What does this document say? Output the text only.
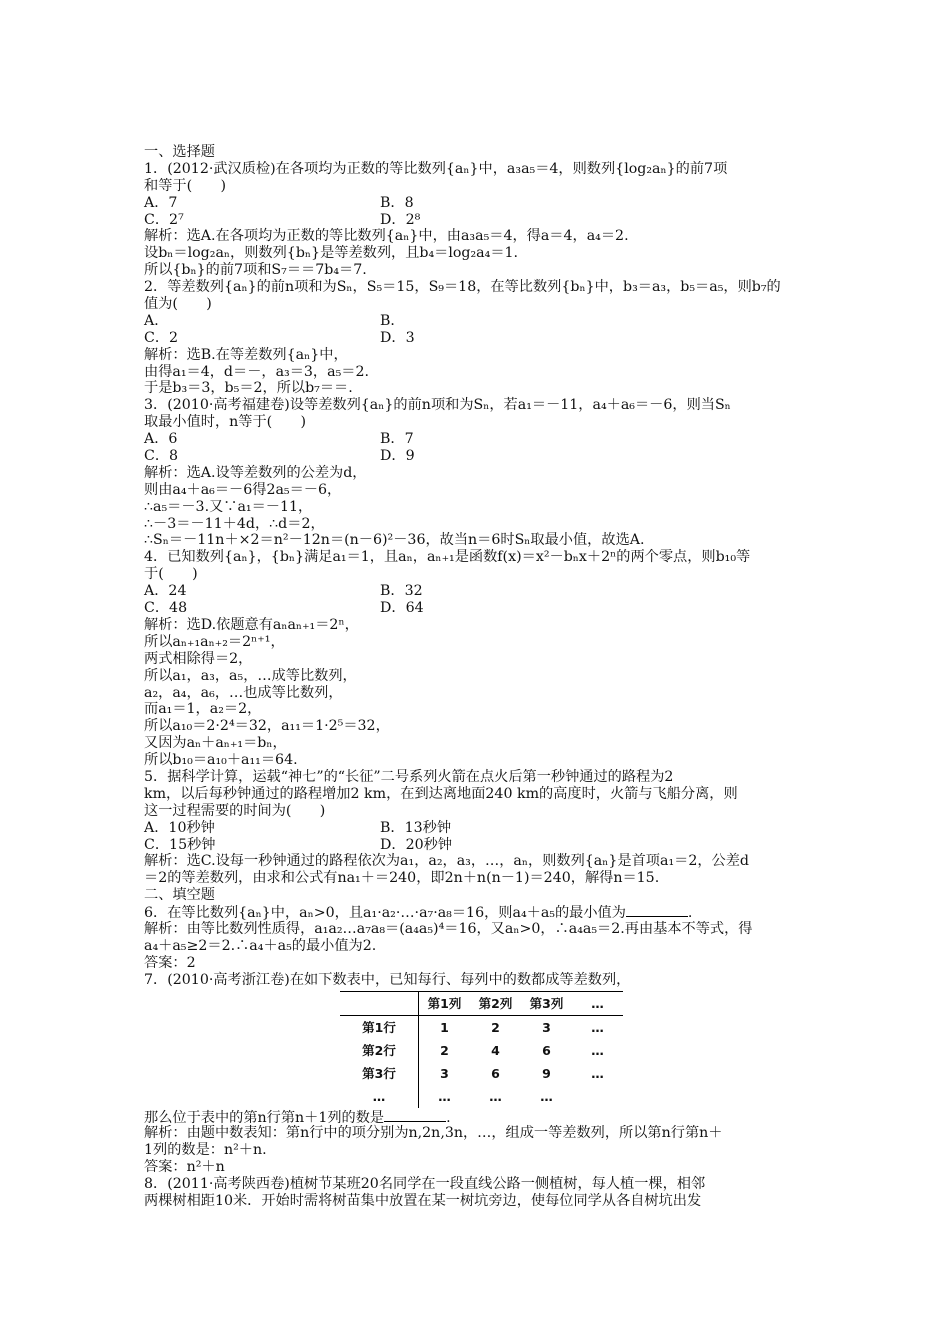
一、选择题
1．(2012·武汉质检)在各项均为正数的等比数列{aₙ}中，a₃a₅＝4，则数列{log₂aₙ}的前7项
和等于(　　)
A．7	B．8
C．2⁷	D．2⁸
解析：选A.在各项均为正数的等比数列{aₙ}中，由a₃a₅＝4，得a＝4，a₄＝2.
设bₙ＝log₂aₙ，则数列{bₙ}是等差数列，且b₄＝log₂a₄＝1.
所以{bₙ}的前7项和S₇＝＝7b₄＝7.
2．等差数列{aₙ}的前n项和为Sₙ，S₅＝15，S₉＝18，在等比数列{bₙ}中，b₃＝a₃，b₅＝a₅，则b₇的
值为(　　)
A．	B．
C．2	D．3
解析：选B.在等差数列{aₙ}中，
由得a₁＝4，d＝－，a₃＝3，a₅＝2.
于是b₃＝3，b₅＝2，所以b₇＝＝.
3．(2010·高考福建卷)设等差数列{aₙ}的前n项和为Sₙ，若a₁＝－11，a₄＋a₆＝－6，则当Sₙ
取最小值时，n等于(　　)
A．6	B．7
C．8	D．9
解析：选A.设等差数列的公差为d，
则由a₄＋a₆＝－6得2a₅＝－6，
∴a₅＝－3.又∵a₁＝－11，
∴－3＝－11＋4d，∴d＝2，
∴Sₙ＝－11n＋×2＝n²－12n＝(n－6)²－36，故当n＝6时Sₙ取最小值，故选A.
4．已知数列{aₙ}，{bₙ}满足a₁＝1，且aₙ，aₙ₊₁是函数f(x)＝x²－bₙx＋2ⁿ的两个零点，则b₁₀等
于(　　)
A．24	B．32
C．48	D．64
解析：选D.依题意有aₙaₙ₊₁＝2ⁿ，
所以aₙ₊₁aₙ₊₂＝2ⁿ⁺¹，
两式相除得＝2，
所以a₁，a₃，a₅，…成等比数列，
a₂，a₄，a₆，…也成等比数列，
而a₁＝1，a₂＝2，
所以a₁₀＝2·2⁴＝32，a₁₁＝1·2⁵＝32，
又因为aₙ＋aₙ₊₁＝bₙ，
所以b₁₀＝a₁₀＋a₁₁＝64.
5．据科学计算，运载“神七”的“长征”二号系列火箭在点火后第一秒钟通过的路程为2
km，以后每秒钟通过的路程增加2 km，在到达离地面240 km的高度时，火箭与飞船分离，则
这一过程需要的时间为(　　)
A．10秒钟	B．13秒钟
C．15秒钟	D．20秒钟
解析：选C.设每一秒钟通过的路程依次为a₁，a₂，a₃，…，aₙ，则数列{aₙ}是首项a₁＝2，公差d
＝2的等差数列，由求和公式有na₁＋＝240，即2n＋n(n－1)＝240，解得n＝15.
二、填空题
6．在等比数列{aₙ}中，aₙ>0，且a₁·a₂·…·a₇·a₈＝16，则a₄＋a₅的最小值为	.
解析：由等比数列性质得，a₁a₂…a₇a₈＝(a₄a₅)⁴＝16，又aₙ>0，∴a₄a₅＝2.再由基本不等式，得
a₄＋a₅≥2＝2.∴a₄＋a₅的最小值为2.
答案：2
7．(2010·高考浙江卷)在如下数表中，已知每行、每列中的数都成等差数列，
	第1列	第2列	第3列	…
第1行	1	2	3	…
第2行	2	4	6	…
第3行	3	6	9	…
…	…	…	…	
那么位于表中的第n行第n＋1列的数是	.
解析：由题中数表知：第n行中的项分别为n,2n,3n，…，组成一等差数列，所以第n行第n＋
1列的数是：n²＋n.
答案：n²＋n
8．(2011·高考陕西卷)植树节某班20名同学在一段直线公路一侧植树，每人植一棵，相邻
两棵树相距10米．开始时需将树苗集中放置在某一树坑旁边，使每位同学从各自树坑出发
